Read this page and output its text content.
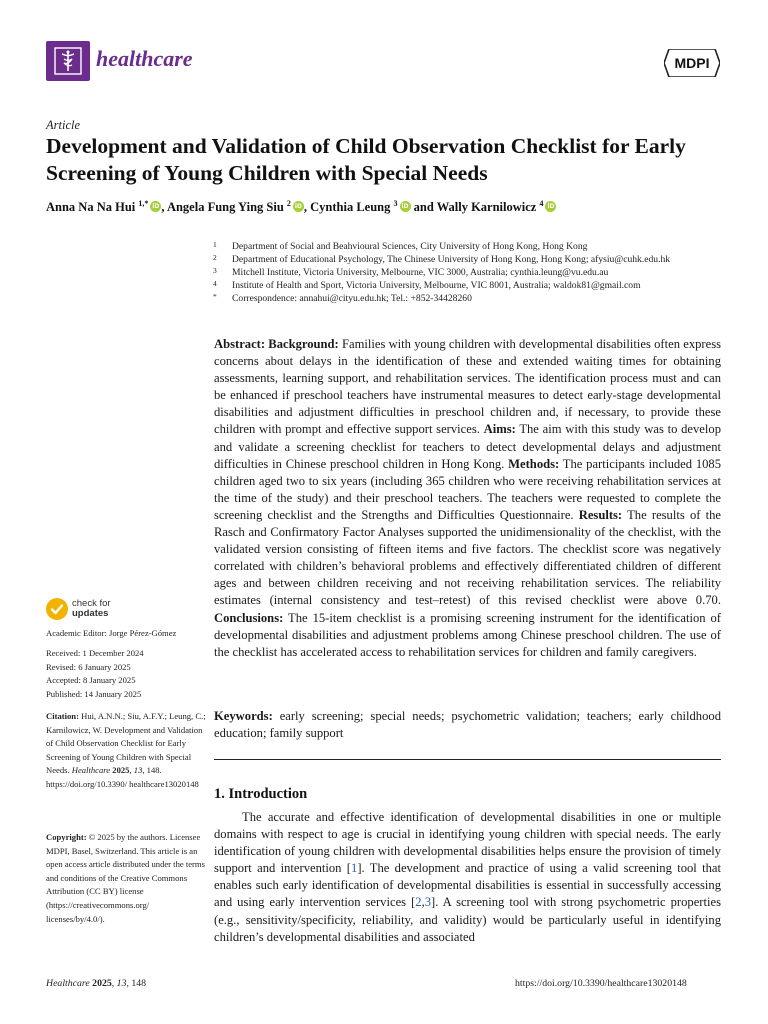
healthcare	MDPI
Article
Development and Validation of Child Observation Checklist for Early Screening of Young Children with Special Needs
Anna Na Na Hui $^{1,*}$ iD , Angela Fung Ying Siu $^2$ iD , Cynthia Leung $^3$iD and Wally Karnilowicz $^4$iD
1	Department of Social and Beahvioural Sciences, City University of Hong Kong, Hong Kong
2	Department of Educational Psychology, The Chinese University of Hong Kong, Hong Kong; afysiu@cuhk.edu.hk
3	Mitchell Institute, Victoria University, Melbourne, VIC 3000, Australia; cynthia.leung@vu.edu.au
4	Institute of Health and Sport, Victoria University, Melbourne, VIC 8001, Australia; waldok81@gmail.com
*	Correspondence: annahui@cityu.edu.hk; Tel.: +852-34428260
Abstract: Background: Families with young children with developmental disabilities often express concerns about delays in the identification of these and extended waiting times for obtaining assessments, learning support, and rehabilitation services. The identification process must and can be enhanced if preschool teachers have instrumental measures to detect early-stage developmental disabilities and adjustment difficulties in preschool children and, if necessary, to provide these children with prompt and effective support services. Aims: The aim with this study was to develop and validate a screening checklist for teachers to detect developmental delays and adjustment difficulties in Chinese preschool children in Hong Kong. Methods: The participants included 1085 children aged two to six years (including 365 children who were receiving rehabilitation services at the time of the study) and their preschool teachers. The teachers were requested to complete the screening checklist and the Strengths and Difficulties Questionnaire. Results: The results of the Rasch and Confirmatory Factor Analyses supported the unidimensionality of the checklist, with the validated version consisting of fifteen items and five factors. The checklist score was negatively correlated with children’s behavioral problems and effectively differentiated children of different ages and between children receiving and not receiving rehabilitation services. The reliability estimates (internal consistency and test–retest) of this revised checklist were above 0.70. Conclusions: The 15-item checklist is a promising screening instrument for the identification of developmental disabilities and adjustment problems among Chinese preschool children. The use of the checklist has accelerated access to rehabilitation services for children and family caregivers.
Keywords: early screening; special needs; psychometric validation; teachers; early childhood education; family support
1. Introduction
The accurate and effective identification of developmental disabilities in one or multiple domains with respect to age is crucial in identifying young children with special needs. The early identification of young children with developmental disabilities helps ensure the provision of timely support and intervention [1]. The development and practice of using a valid screening tool that enables such early identification of developmental disabilities is essential in successfully accessing and using early intervention services [2,3]. A screening tool with strong psychometric properties (e.g., sensitivity/specificity, reliability, and validity) would be particularly useful in identifying children’s developmental disabilities and associated
check for
updates
Academic Editor: Jorge Pérez-Gómez
Received: 1 December 2024
Revised: 6 January 2025
Accepted: 8 January 2025
Published: 14 January 2025
Citation: Hui, A.N.N.; Siu, A.F.Y.; Leung, C.; Karnilowicz, W. Development and Validation of Child Observation Checklist for Early Screening of Young Children with Special Needs. Healthcare 2025, 13, 148. https://doi.org/10.3390/ healthcare13020148
Copyright: © 2025 by the authors. Licensee MDPI, Basel, Switzerland. This article is an open access article distributed under the terms and conditions of the Creative Commons Attribution (CC BY) license (https://creativecommons.org/ licenses/by/4.0/).
Healthcare 2025, 13, 148	https://doi.org/10.3390/healthcare13020148
